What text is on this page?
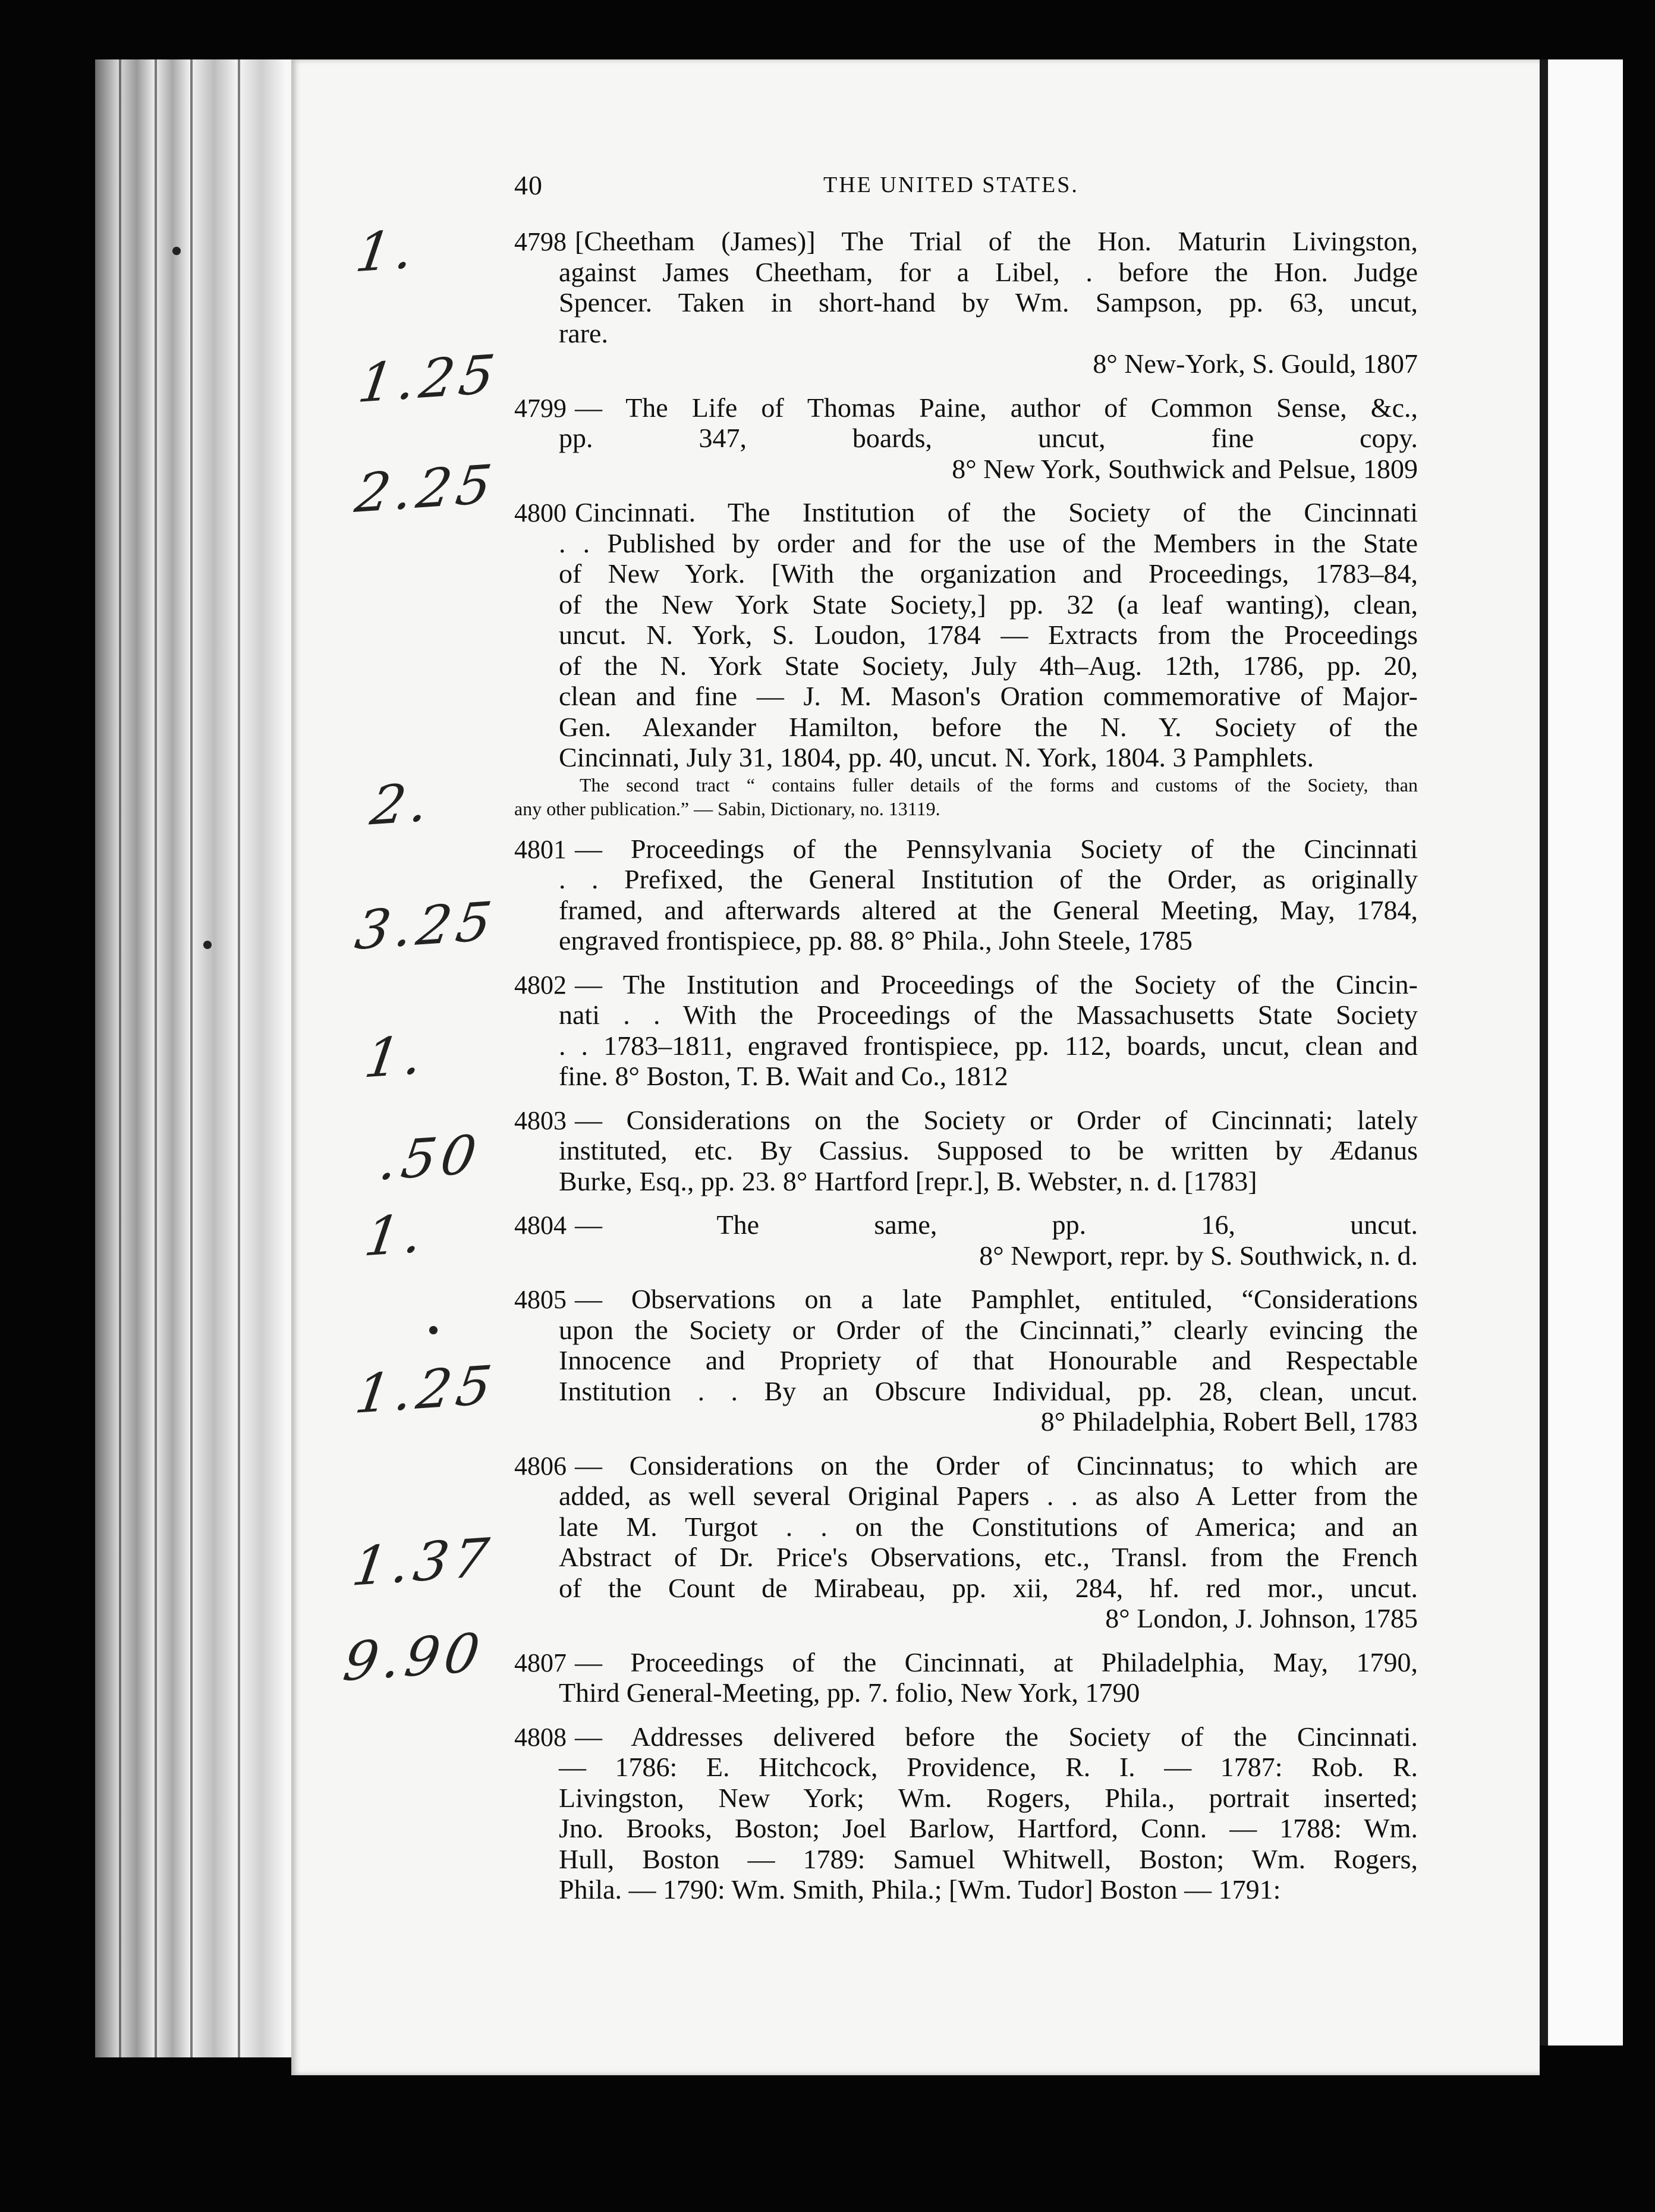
40	THE UNITED STATES.
1.
1.25
2.25
2.
3.25
1.
.50
1.
1.25
1.37
9.90
4798 [Cheetham (James)] The Trial of the Hon. Maturin Livingston,
against James Cheetham, for a Libel, . before the Hon. Judge
Spencer. Taken in short-hand by Wm. Sampson, pp. 63, uncut,
rare.
8° New-York, S. Gould, 1807
4799 — The Life of Thomas Paine, author of Common Sense, &c.,
pp. 347, boards, uncut, fine copy.
8° New York, Southwick and Pelsue, 1809
4800 Cincinnati. The Institution of the Society of the Cincinnati
. . Published by order and for the use of the Members in the State
of New York. [With the organization and Proceedings, 1783–84,
of the New York State Society,] pp. 32 (a leaf wanting), clean,
uncut. N. York, S. Loudon, 1784 — Extracts from the Proceedings
of the N. York State Society, July 4th–Aug. 12th, 1786, pp. 20,
clean and fine — J. M. Mason's Oration commemorative of Major-
Gen. Alexander Hamilton, before the N. Y. Society of the
Cincinnati, July 31, 1804, pp. 40, uncut. N. York, 1804. 3 Pamphlets.
The second tract “ contains fuller details of the forms and customs of the Society, than
any other publication.” — Sabin, Dictionary, no. 13119.
4801 — Proceedings of the Pennsylvania Society of the Cincinnati
. . Prefixed, the General Institution of the Order, as originally
framed, and afterwards altered at the General Meeting, May, 1784,
engraved frontispiece, pp. 88. 8° Phila., John Steele, 1785
4802 — The Institution and Proceedings of the Society of the Cincin-
nati . . With the Proceedings of the Massachusetts State Society
. . 1783–1811, engraved frontispiece, pp. 112, boards, uncut, clean and
fine. 8° Boston, T. B. Wait and Co., 1812
4803 — Considerations on the Society or Order of Cincinnati; lately
instituted, etc. By Cassius. Supposed to be written by Ædanus
Burke, Esq., pp. 23. 8° Hartford [repr.], B. Webster, n. d. [1783]
4804 — The same, pp. 16, uncut.
8° Newport, repr. by S. Southwick, n. d.
4805 — Observations on a late Pamphlet, entituled, “Considerations
upon the Society or Order of the Cincinnati,” clearly evincing the
Innocence and Propriety of that Honourable and Respectable
Institution . . By an Obscure Individual, pp. 28, clean, uncut.
8° Philadelphia, Robert Bell, 1783
4806 — Considerations on the Order of Cincinnatus; to which are
added, as well several Original Papers . . as also A Letter from the
late M. Turgot . . on the Constitutions of America; and an
Abstract of Dr. Price's Observations, etc., Transl. from the French
of the Count de Mirabeau, pp. xii, 284, hf. red mor., uncut.
8° London, J. Johnson, 1785
4807 — Proceedings of the Cincinnati, at Philadelphia, May, 1790,
Third General-Meeting, pp. 7. folio, New York, 1790
4808 — Addresses delivered before the Society of the Cincinnati.
— 1786: E. Hitchcock, Providence, R. I. — 1787: Rob. R.
Livingston, New York; Wm. Rogers, Phila., portrait inserted;
Jno. Brooks, Boston; Joel Barlow, Hartford, Conn. — 1788: Wm.
Hull, Boston — 1789: Samuel Whitwell, Boston; Wm. Rogers,
Phila. — 1790: Wm. Smith, Phila.; [Wm. Tudor] Boston — 1791:
